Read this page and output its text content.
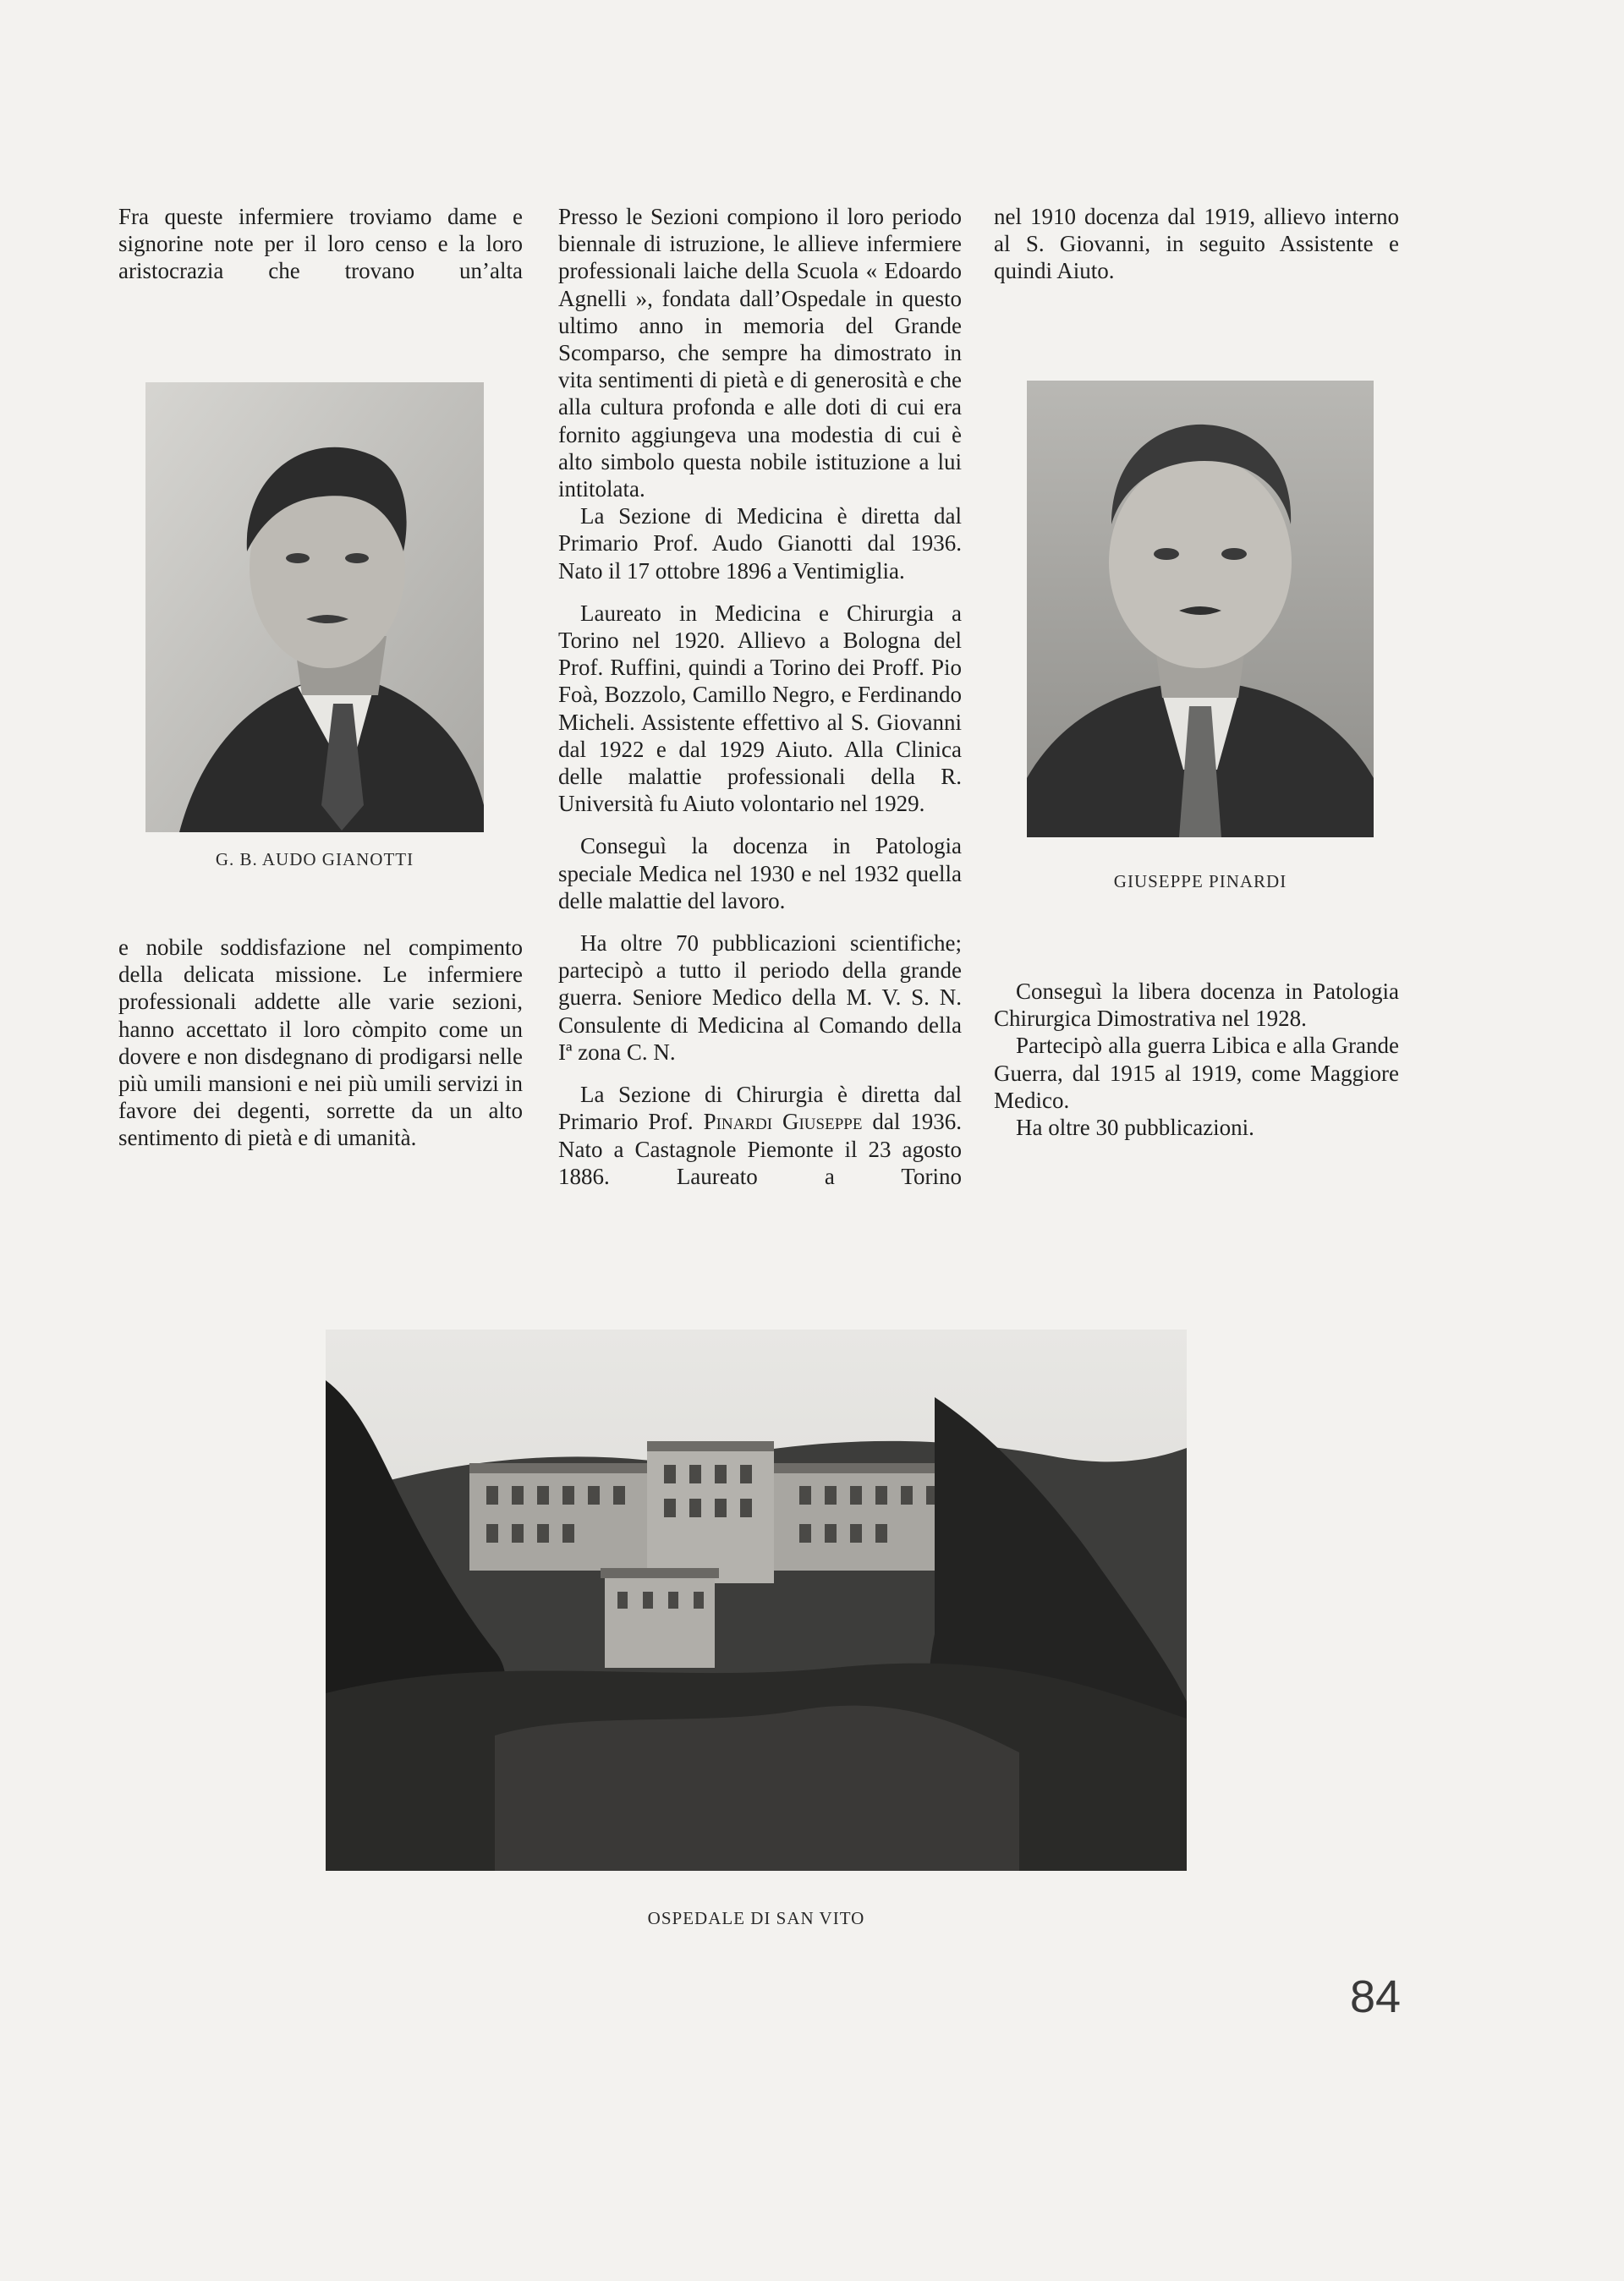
Fra queste infermiere troviamo dame e signorine note per il loro censo e la loro aristocrazia che trovano un’alta

G. B. AUDO GIANOTTI

e nobile soddisfazione nel compimento della delicata missione. Le infermiere professionali addette alle varie sezioni, hanno accettato il loro còmpito come un dovere e non disdegnano di prodigarsi nelle più umili mansioni e nei più umili servizi in favore dei degenti, sorrette da un alto sentimento di pietà e di umanità.

Presso le Sezioni compiono il loro periodo biennale di istruzione, le allieve infermiere professionali laiche della Scuola « Edoardo Agnelli », fondata dall’Ospedale in questo ultimo anno in memoria del Grande Scomparso, che sempre ha dimostrato in vita sentimenti di pietà e di generosità e che alla cultura profonda e alle doti di cui era fornito aggiungeva una modestia di cui è alto simbolo questa nobile istituzione a lui intitolata.

La Sezione di Medicina è diretta dal Primario Prof. Audo Gianotti dal 1936. Nato il 17 ottobre 1896 a Ventimiglia.

Laureato in Medicina e Chirurgia a Torino nel 1920. Allievo a Bologna del Prof. Ruffini, quindi a Torino dei Proff. Pio Foà, Bozzolo, Camillo Negro, e Ferdinando Micheli. Assistente effettivo al S. Giovanni dal 1922 e dal 1929 Aiuto. Alla Clinica delle malattie professionali della R. Università fu Aiuto volontario nel 1929.

Conseguì la docenza in Patologia speciale Medica nel 1930 e nel 1932 quella delle malattie del lavoro.

Ha oltre 70 pubblicazioni scientifiche; partecipò a tutto il periodo della grande guerra. Seniore Medico della M. V. S. N. Consulente di Medicina al Comando della Iª zona C. N.

La Sezione di Chirurgia è diretta dal Primario Prof. Pinardi Giuseppe dal 1936. Nato a Castagnole Piemonte il 23 agosto 1886. Laureato a Torino

nel 1910 docenza dal 1919, allievo interno al S. Giovanni, in seguito Assistente e quindi Aiuto.

GIUSEPPE PINARDI

Conseguì la libera docenza in Patologia Chirurgica Dimostrativa nel 1928.

Partecipò alla guerra Libica e alla Grande Guerra, dal 1915 al 1919, come Maggiore Medico.

Ha oltre 30 pubblicazioni.

OSPEDALE DI SAN VITO
84
